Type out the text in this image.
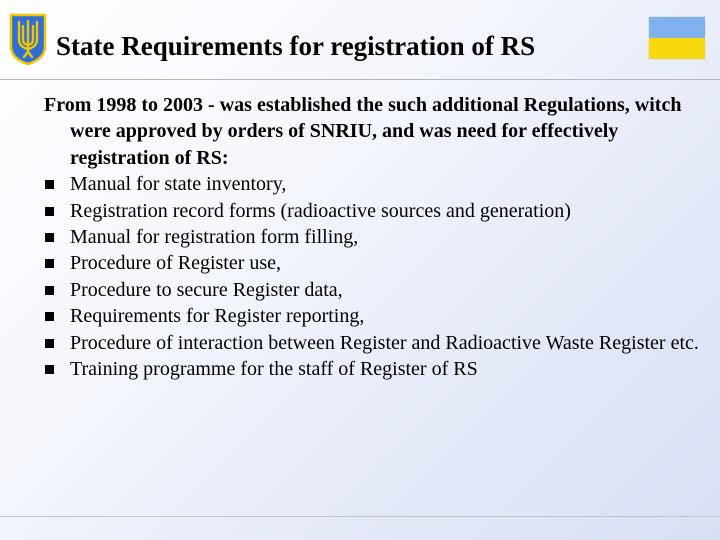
State Requirements for registration of RS

From 1998 to 2003 - was established the such additional Regulations, witch were approved by orders of SNRIU, and was need for effectively registration of RS:

Manual for state inventory,
Registration record forms (radioactive sources and generation)
Manual for registration form filling,
Procedure of Register use,
Procedure to secure Register data,
Requirements for Register reporting,
Procedure of interaction between Register and Radioactive Waste Register etc.
Training programme for the staff of Register of RS
